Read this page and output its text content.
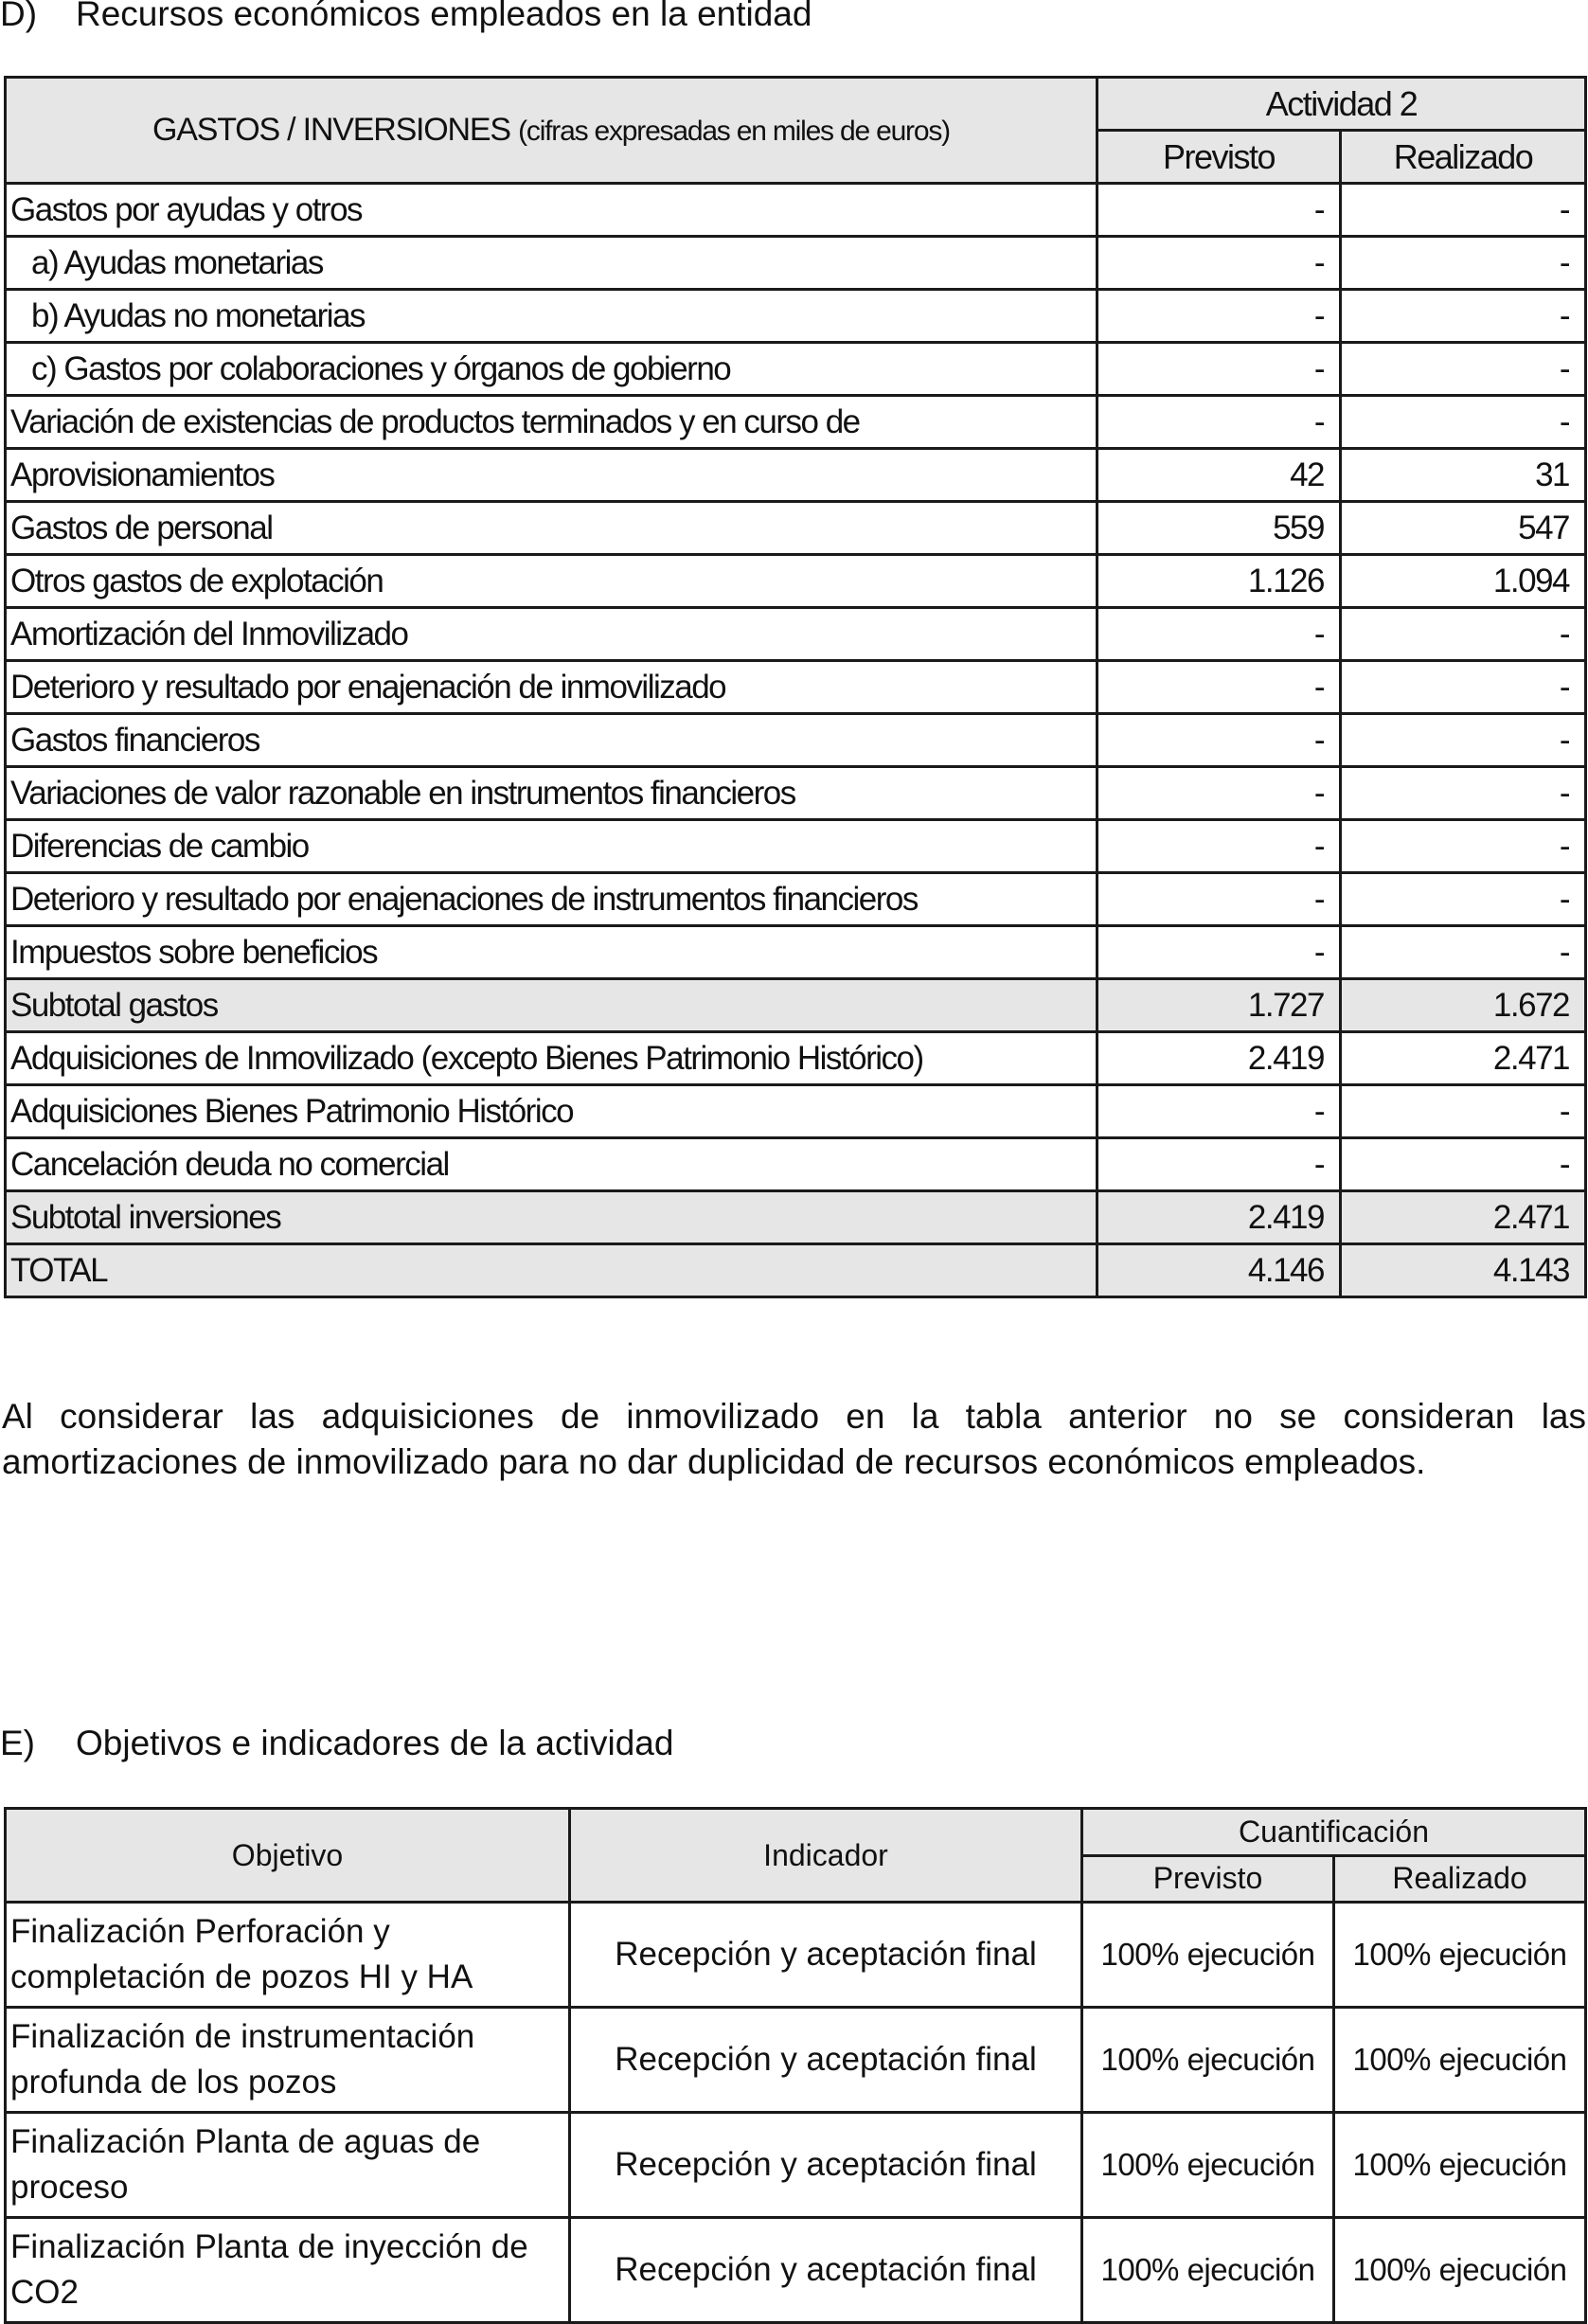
D)	Recursos económicos empleados en la entidad
GASTOS / INVERSIONES (cifras expresadas en miles de euros)	Actividad 2	
	Previsto	Realizado
Gastos por ayudas y otros	-	-
a) Ayudas monetarias	-	-
b) Ayudas no monetarias	-	-
c) Gastos por colaboraciones y órganos de gobierno	-	-
Variación de existencias de productos terminados y en curso de	-	-
Aprovisionamientos	42	31
Gastos de personal	559	547
Otros gastos de explotación	1.126	1.094
Amortización del Inmovilizado	-	-
Deterioro y resultado por enajenación de inmovilizado	-	-
Gastos financieros	-	-
Variaciones de valor razonable en instrumentos financieros	-	-
Diferencias de cambio	-	-
Deterioro y resultado por enajenaciones de instrumentos financieros	-	-
Impuestos sobre beneficios	-	-
Subtotal gastos	1.727	1.672
Adquisiciones de Inmovilizado (excepto Bienes Patrimonio Histórico)	2.419	2.471
Adquisiciones Bienes Patrimonio Histórico	-	-
Cancelación deuda no comercial	-	-
Subtotal inversiones	2.419	2.471
TOTAL	4.146	4.143

Al considerar las adquisiciones de inmovilizado en la tabla anterior no se consideran las amortizaciones de inmovilizado para no dar duplicidad de recursos económicos empleados.

E)	Objetivos e indicadores de la actividad
Objetivo	Indicador	Cuantificación	
		Previsto	Realizado
Finalización Perforación y completación de pozos HI y HA	Recepción y aceptación final	100% ejecución	100% ejecución
Finalización de instrumentación profunda de los pozos	Recepción y aceptación final	100% ejecución	100% ejecución
Finalización Planta de aguas de proceso	Recepción y aceptación final	100% ejecución	100% ejecución
Finalización Planta de inyección de CO2	Recepción y aceptación final	100% ejecución	100% ejecución
